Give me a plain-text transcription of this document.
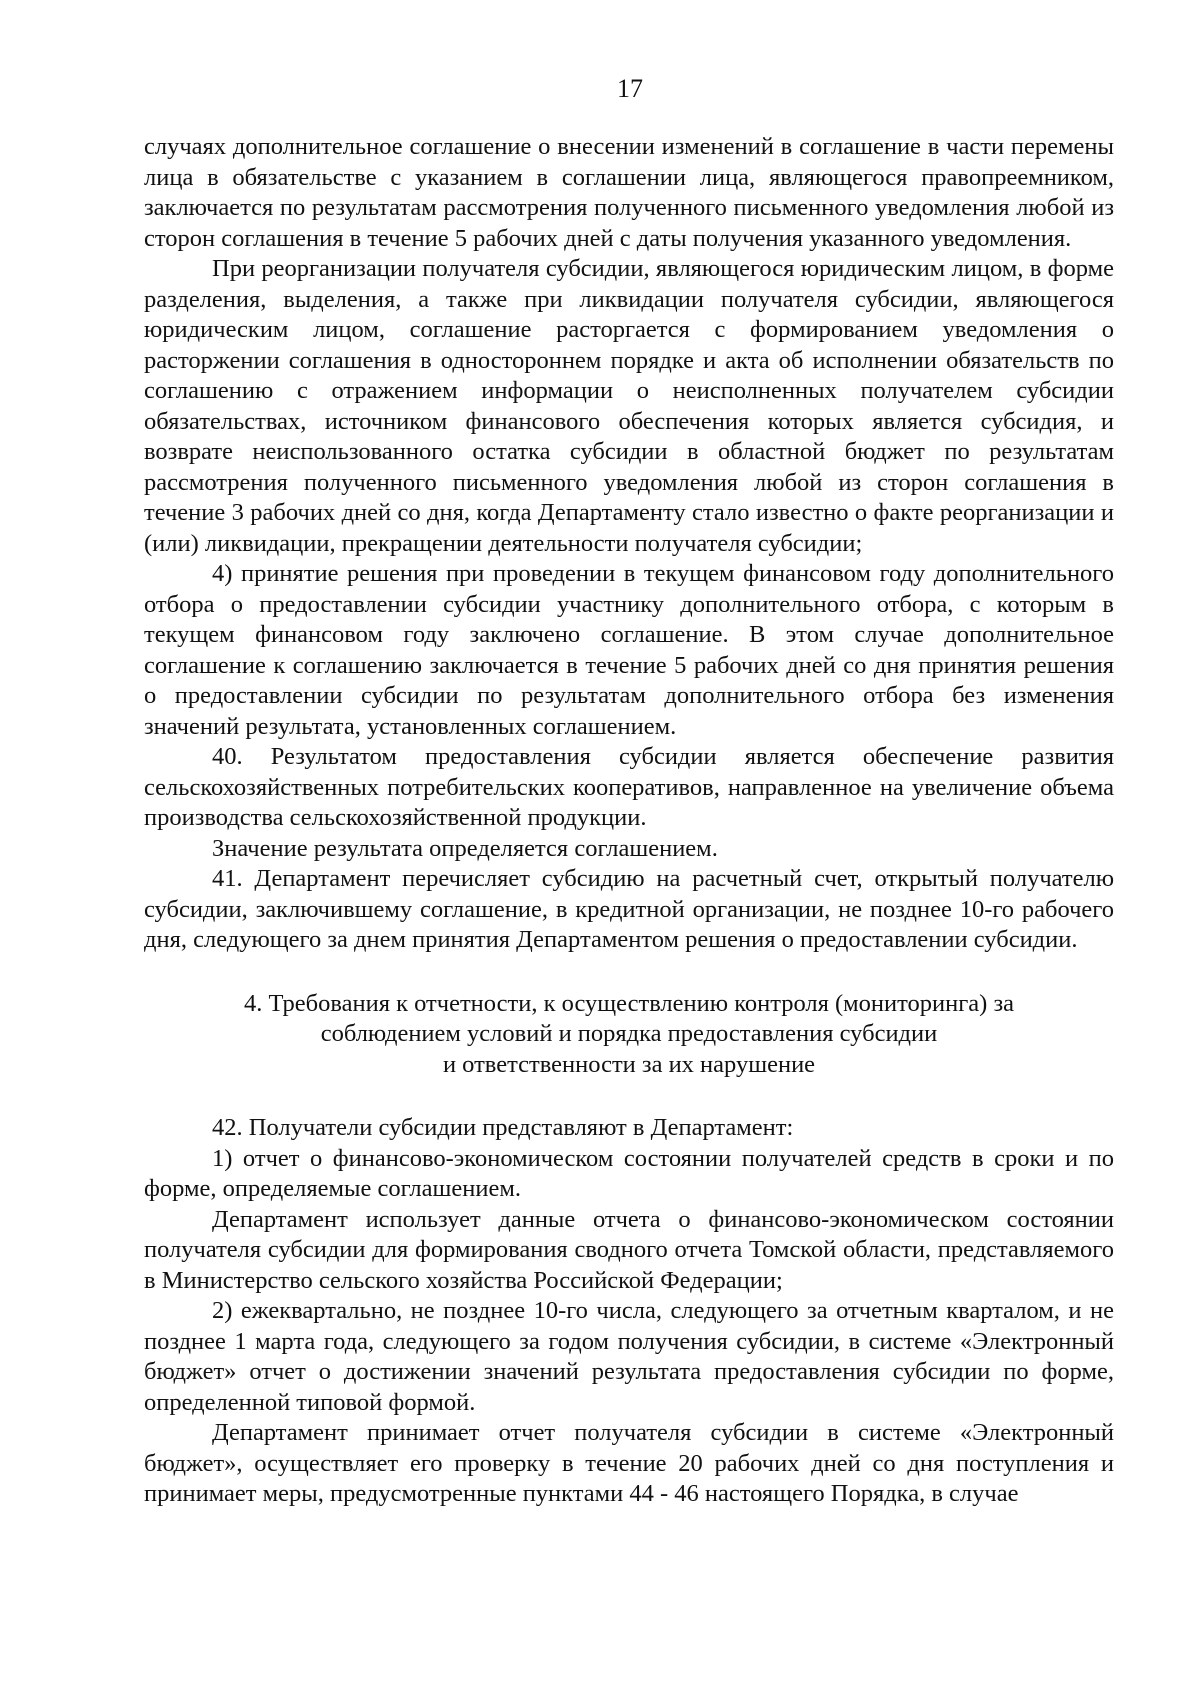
17

случаях дополнительное соглашение о внесении изменений в соглашение в части перемены лица в обязательстве с указанием в соглашении лица, являющегося правопреемником, заключается по результатам рассмотрения полученного письменного уведомления любой из сторон соглашения в течение 5 рабочих дней с даты получения указанного уведомления.

При реорганизации получателя субсидии, являющегося юридическим лицом, в форме разделения, выделения, а также при ликвидации получателя субсидии, являющегося юридическим лицом, соглашение расторгается с формированием уведомления о расторжении соглашения в одностороннем порядке и акта об исполнении обязательств по соглашению с отражением информации о неисполненных получателем субсидии обязательствах, источником финансового обеспечения которых является субсидия, и возврате неиспользованного остатка субсидии в областной бюджет по результатам рассмотрения полученного письменного уведомления любой из сторон соглашения в течение 3 рабочих дней со дня, когда Департаменту стало известно о факте реорганизации и (или) ликвидации, прекращении деятельности получателя субсидии;

4) принятие решения при проведении в текущем финансовом году дополнительного отбора о предоставлении субсидии участнику дополнительного отбора, с которым в текущем финансовом году заключено соглашение. В этом случае дополнительное соглашение к соглашению заключается в течение 5 рабочих дней со дня принятия решения о предоставлении субсидии по результатам дополнительного отбора без изменения значений результата, установленных соглашением.

40. Результатом предоставления субсидии является обеспечение развития сельскохозяйственных потребительских кооперативов, направленное на увеличение объема производства сельскохозяйственной продукции.

Значение результата определяется соглашением.

41. Департамент перечисляет субсидию на расчетный счет, открытый получателю субсидии, заключившему соглашение, в кредитной организации, не позднее 10-го рабочего дня, следующего за днем принятия Департаментом решения о предоставлении субсидии.

4. Требования к отчетности, к осуществлению контроля (мониторинга) за
соблюдением условий и порядка предоставления субсидии
и ответственности за их нарушение

42. Получатели субсидии представляют в Департамент:

1) отчет о финансово-экономическом состоянии получателей средств в сроки и по форме, определяемые соглашением.

Департамент использует данные отчета о финансово-экономическом состоянии получателя субсидии для формирования сводного отчета Томской области, представляемого в Министерство сельского хозяйства Российской Федерации;

2) ежеквартально, не позднее 10-го числа, следующего за отчетным кварталом, и не позднее 1 марта года, следующего за годом получения субсидии, в системе «Электронный бюджет» отчет о достижении значений результата предоставления субсидии по форме, определенной типовой формой.

Департамент принимает отчет получателя субсидии в системе «Электронный бюджет», осуществляет его проверку в течение 20 рабочих дней со дня поступления и принимает меры, предусмотренные пунктами 44 - 46 настоящего Порядка, в случае
